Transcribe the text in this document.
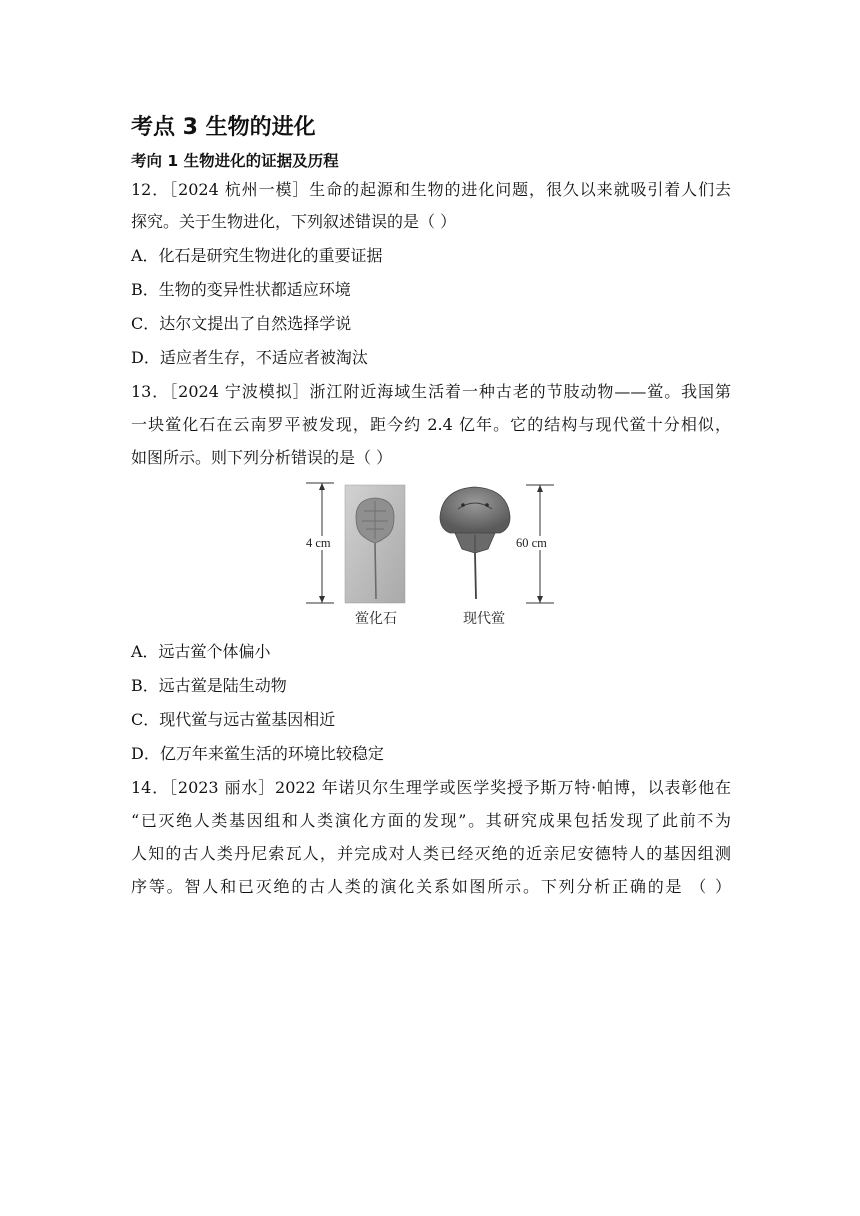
考点 3 生物的进化
考向 1 生物进化的证据及历程

12．［2024 杭州一模］生命的起源和生物的进化问题，很久以来就吸引着人们去

探究。关于生物进化，下列叙述错误的是（ ）

A．化石是研究生物进化的重要证据

B．生物的变异性状都适应环境

C．达尔文提出了自然选择学说

D．适应者生存，不适应者被淘汰

13．［2024 宁波模拟］浙江附近海域生活着一种古老的节肢动物——鲎。我国第

一块鲎化石在云南罗平被发现，距今约 2.4 亿年。它的结构与现代鲎十分相似，

如图所示。则下列分析错误的是（ ）

4 cm	60 cm
鲎化石	现代鲎

A．远古鲎个体偏小

B．远古鲎是陆生动物

C．现代鲎与远古鲎基因相近

D．亿万年来鲎生活的环境比较稳定

14．［2023 丽水］2022 年诺贝尔生理学或医学奖授予斯万特·帕博，以表彰他在

“已灭绝人类基因组和人类演化方面的发现”。其研究成果包括发现了此前不为

人知的古人类丹尼索瓦人，并完成对人类已经灭绝的近亲尼安德特人的基因组测

序等。智人和已灭绝的古人类的演化关系如图所示。下列分析正确的是 （ ）
